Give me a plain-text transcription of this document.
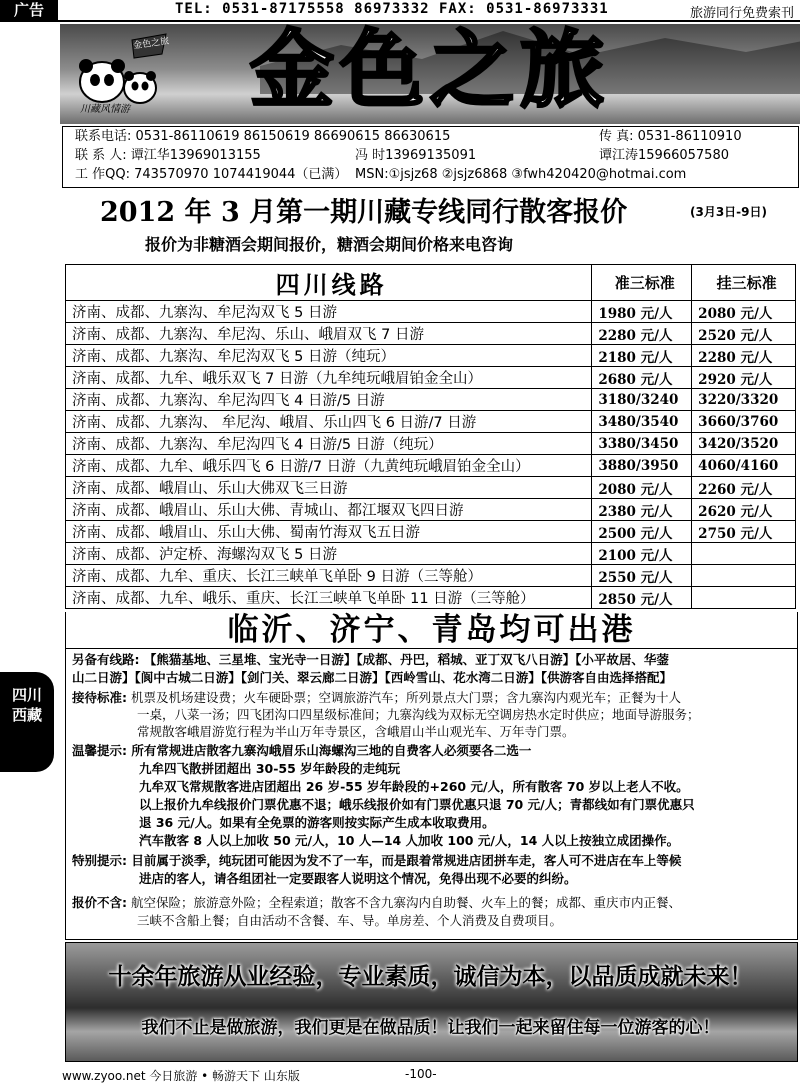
广告	TEL: 0531-87175558 86973332 FAX: 0531-86973331	旅游同行免费索刊
金色之旅
川藏风情游 金色之旅
联系电话: 0531-86110619 86150619 86690615 86630615	传 真: 0531-86110910
联 系 人: 谭江华13969013155	冯 时13969135091	谭江涛15966057580
工 作QQ: 743570970 1074419044（已满） MSN:①jsjz68 ②jsjz6868 ③fwh420420@hotmai.com
2012 年 3 月第一期川藏专线同行散客报价	(3月3日-9日)
报价为非糖酒会期间报价，糖酒会期间价格来电咨询
四川线路	准三标准	挂三标准
济南、成都、九寨沟、牟尼沟双飞 5 日游	1980 元/人	2080 元/人
济南、成都、九寨沟、牟尼沟、乐山、峨眉双飞 7 日游	2280 元/人	2520 元/人
济南、成都、九寨沟、牟尼沟双飞 5 日游（纯玩）	2180 元/人	2280 元/人
济南、成都、九牟、峨乐双飞 7 日游（九牟纯玩峨眉铂金全山）	2680 元/人	2920 元/人
济南、成都、九寨沟、牟尼沟四飞 4 日游/5 日游	3180/3240	3220/3320
济南、成都、九寨沟、 牟尼沟、峨眉、乐山四飞 6 日游/7 日游	3480/3540	3660/3760
济南、成都、九寨沟、牟尼沟四飞 4 日游/5 日游（纯玩）	3380/3450	3420/3520
济南、成都、九牟、峨乐四飞 6 日游/7 日游（九黄纯玩峨眉铂金全山）	3880/3950	4060/4160
济南、成都、峨眉山、乐山大佛双飞三日游	2080 元/人	2260 元/人
济南、成都、峨眉山、乐山大佛、青城山、都江堰双飞四日游	2380 元/人	2620 元/人
济南、成都、峨眉山、乐山大佛、蜀南竹海双飞五日游	2500 元/人	2750 元/人
济南、成都、泸定桥、海螺沟双飞 5 日游	2100 元/人	
济南、成都、九牟、重庆、长江三峡单飞单卧 9 日游（三等舱）	2550 元/人	
济南、成都、九牟、峨乐、重庆、长江三峡单飞单卧 11 日游（三等舱）	2850 元/人	
临沂、济宁、青岛均可出港
四川
西藏
另备有线路: 【熊猫基地、三星堆、宝光寺一日游】【成都、丹巴，稻城、亚丁双飞八日游】【小平故居、华蓥
山二日游】【阆中古城二日游】【剑门关、翠云廊二日游】【西岭雪山、花水湾二日游】【供游客自由选择搭配】
接待标准: 机票及机场建设费；火车硬卧票；空调旅游汽车；所列景点大门票；含九寨沟内观光车；正餐为十人
一桌，八菜一汤；四飞团沟口四星级标准间；九寨沟线为双标无空调房热水定时供应；地面导游服务；
常规散客峨眉游览行程为半山万年寺景区，含峨眉山半山观光车、万年寺门票。
温馨提示: 所有常规进店散客九寨沟峨眉乐山海螺沟三地的自费客人必须要各二选一
九牟四飞散拼团超出 30-55 岁年龄段的走纯玩
九牟双飞常规散客进店团超出 26 岁-55 岁年龄段的+260 元/人，所有散客 70 岁以上老人不收。
以上报价九牟线报价门票优惠不退；峨乐线报价如有门票优惠只退 70 元/人；青都线如有门票优惠只
退 36 元/人。如果有全免票的游客则按实际产生成本收取费用。
汽车散客 8 人以上加收 50 元/人，10 人—14 人加收 100 元/人，14 人以上按独立成团操作。
特别提示: 目前属于淡季，纯玩团可能因为发不了一车，而是跟着常规进店团拼车走，客人可不进店在车上等候
进店的客人，请各组团社一定要跟客人说明这个情况，免得出现不必要的纠纷。
报价不含: 航空保险；旅游意外险；全程索道；散客不含九寨沟内自助餐、火车上的餐；成都、重庆市内正餐、
三峡不含船上餐；自由活动不含餐、车、导。单房差、个人消费及自费项目。
十余年旅游从业经验，专业素质，诚信为本，以品质成就未来！
我们不止是做旅游，我们更是在做品质！让我们一起来留住每一位游客的心！
www.zyoo.net 今日旅游 • 畅游天下 山东版	-100-
